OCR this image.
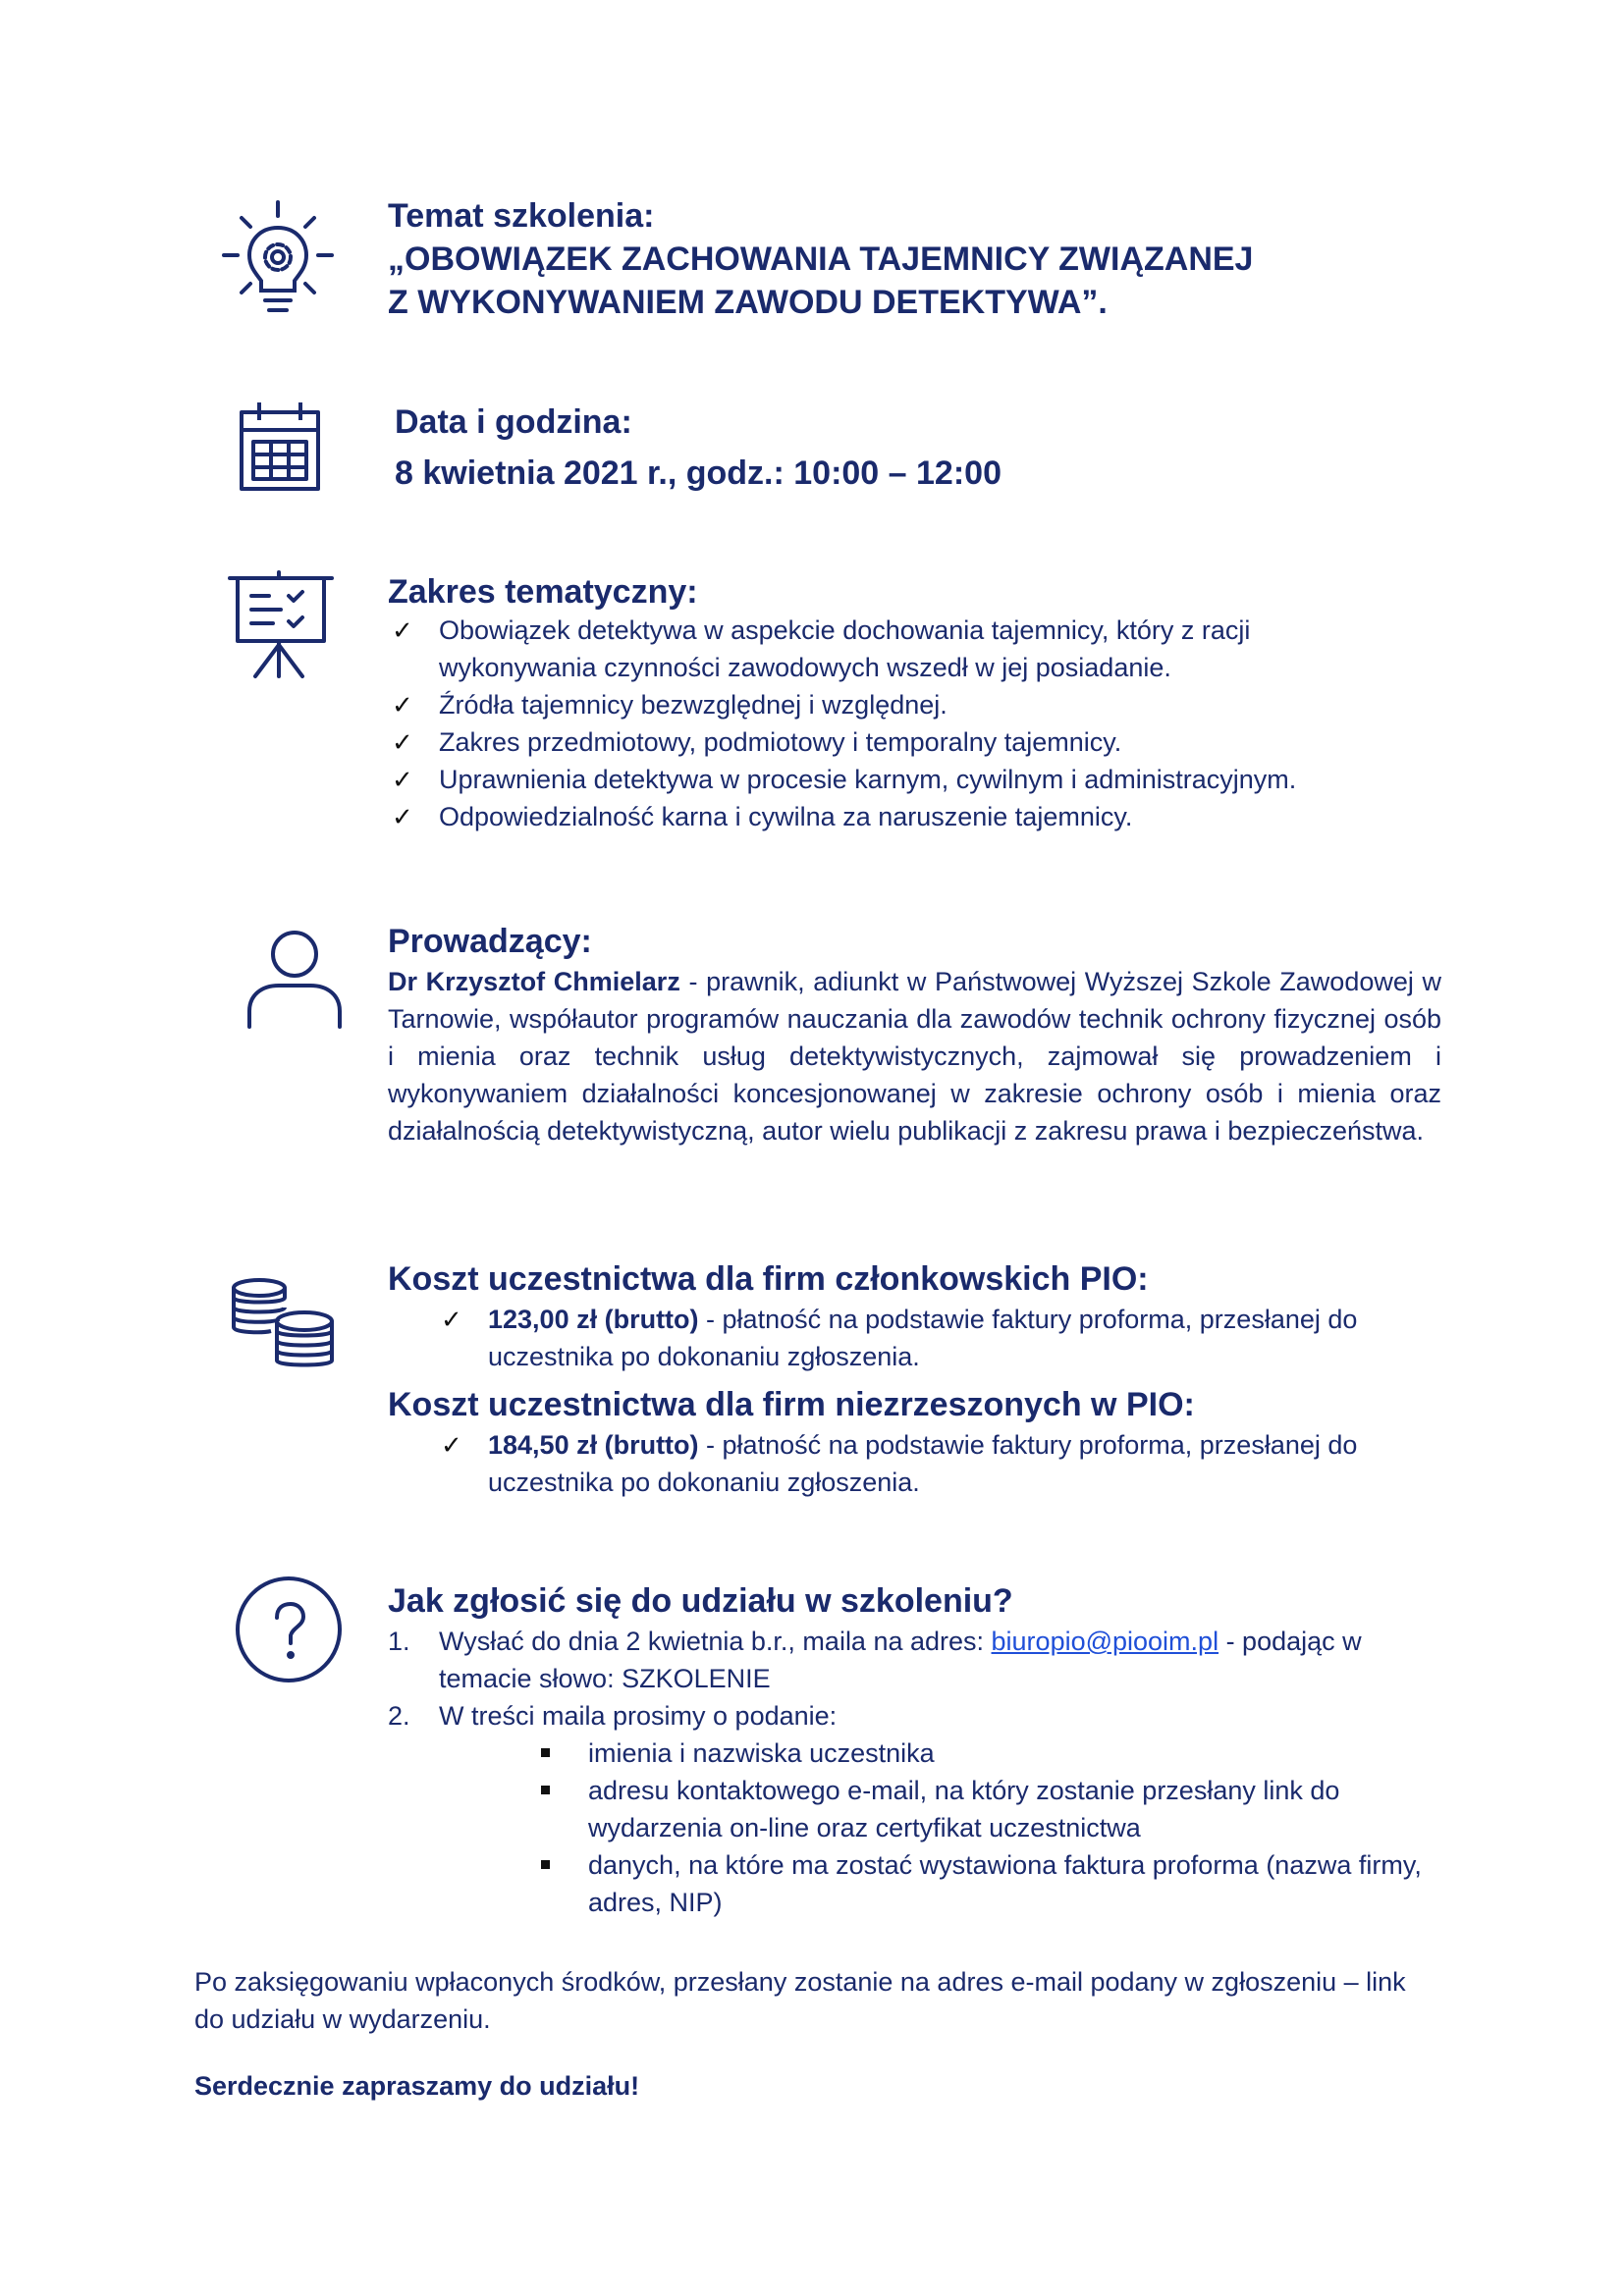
Temat szkolenia:

„OBOWIĄZEK ZACHOWANIA TAJEMNICY ZWIĄZANEJ

Z WYKONYWANIEM ZAWODU DETEKTYWA”.

Data i godzina:

8 kwietnia 2021 r., godz.: 10:00 – 12:00

Zakres tematyczny:

✓ Obowiązek detektywa w aspekcie dochowania tajemnicy, który z racji wykonywania czynności zawodowych wszedł w jej posiadanie.
✓ Źródła tajemnicy bezwzględnej i względnej.
✓ Zakres przedmiotowy, podmiotowy i temporalny tajemnicy.
✓ Uprawnienia detektywa w procesie karnym, cywilnym i administracyjnym.
✓ Odpowiedzialność karna i cywilna za naruszenie tajemnicy.

Prowadzący:

Dr Krzysztof Chmielarz - prawnik, adiunkt w Państwowej Wyższej Szkole Zawodowej w Tarnowie, współautor programów nauczania dla zawodów technik ochrony fizycznej osób i mienia oraz technik usług detektywistycznych, zajmował się prowadzeniem i wykonywaniem działalności koncesjonowanej w zakresie ochrony osób i mienia oraz działalnością detektywistyczną, autor wielu publikacji z zakresu prawa i bezpieczeństwa.

Koszt uczestnictwa dla firm członkowskich PIO:

✓ 123,00 zł (brutto) - płatność na podstawie faktury proforma, przesłanej do uczestnika po dokonaniu zgłoszenia.

Koszt uczestnictwa dla firm niezrzeszonych w PIO:

✓ 184,50 zł (brutto) - płatność na podstawie faktury proforma, przesłanej do uczestnika po dokonaniu zgłoszenia.

Jak zgłosić się do udziału w szkoleniu?

1. Wysłać do dnia 2 kwietnia b.r., maila na adres: biuropio@piooim.pl - podając w temacie słowo: SZKOLENIE
2. W treści maila prosimy o podanie:
imienia i nazwiska uczestnika
adresu kontaktowego e-mail, na który zostanie przesłany link do wydarzenia on-line oraz certyfikat uczestnictwa
danych, na które ma zostać wystawiona faktura proforma (nazwa firmy, adres, NIP)
Po zaksięgowaniu wpłaconych środków, przesłany zostanie na adres e-mail podany w zgłoszeniu – link do udziału w wydarzeniu.
Serdecznie zapraszamy do udziału!
